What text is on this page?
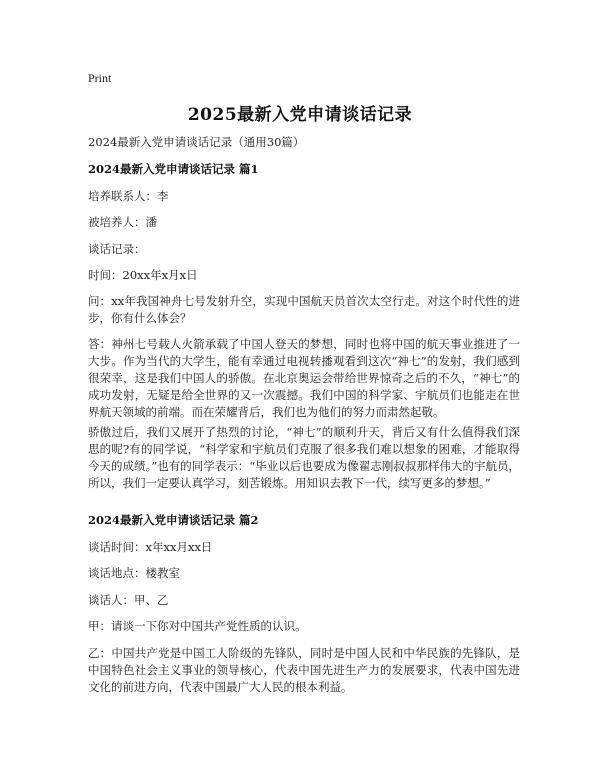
Print
2025最新入党申请谈话记录
2024最新入党申请谈话记录（通用30篇）
2024最新入党申请谈话记录 篇1
培养联系人：李
被培养人：潘
谈话记录：
时间：20xx年x月x日
问：xx年我国神舟七号发射升空，实现中国航天员首次太空行走。对这个时代性的进步，你有什么体会？
答：神州七号载人火箭承载了中国人登天的梦想，同时也将中国的航天事业推进了一大步。作为当代的大学生，能有幸通过电视转播观看到这次“神七”的发射，我们感到很荣幸，这是我们中国人的骄傲。在北京奥运会带给世界惊奇之后的不久，“神七”的成功发射，无疑是给全世界的又一次震撼。我们中国的科学家、宇航员们也能走在世界航天领域的前端。而在荣耀背后，我们也为他们的努力而肃然起敬。
骄傲过后，我们又展开了热烈的讨论，“神七”的顺利升天，背后又有什么值得我们深思的呢?有的同学说，“科学家和宇航员们克服了很多我们难以想象的困难，才能取得今天的成绩。”也有的同学表示：“毕业以后也要成为像翟志刚叔叔那样伟大的宇航员，所以，我们一定要认真学习，刻苦锻炼。用知识去教下一代，续写更多的梦想。”
2024最新入党申请谈话记录 篇2
谈话时间：x年xx月xx日
谈话地点：楼教室
谈话人：甲、乙
甲：请谈一下你对中国共产党性质的认识。
乙：中国共产党是中国工人阶级的先锋队，同时是中国人民和中华民族的先锋队，是中国特色社会主义事业的领导核心，代表中国先进生产力的发展要求，代表中国先进文化的前进方向，代表中国最广大人民的根本利益。
